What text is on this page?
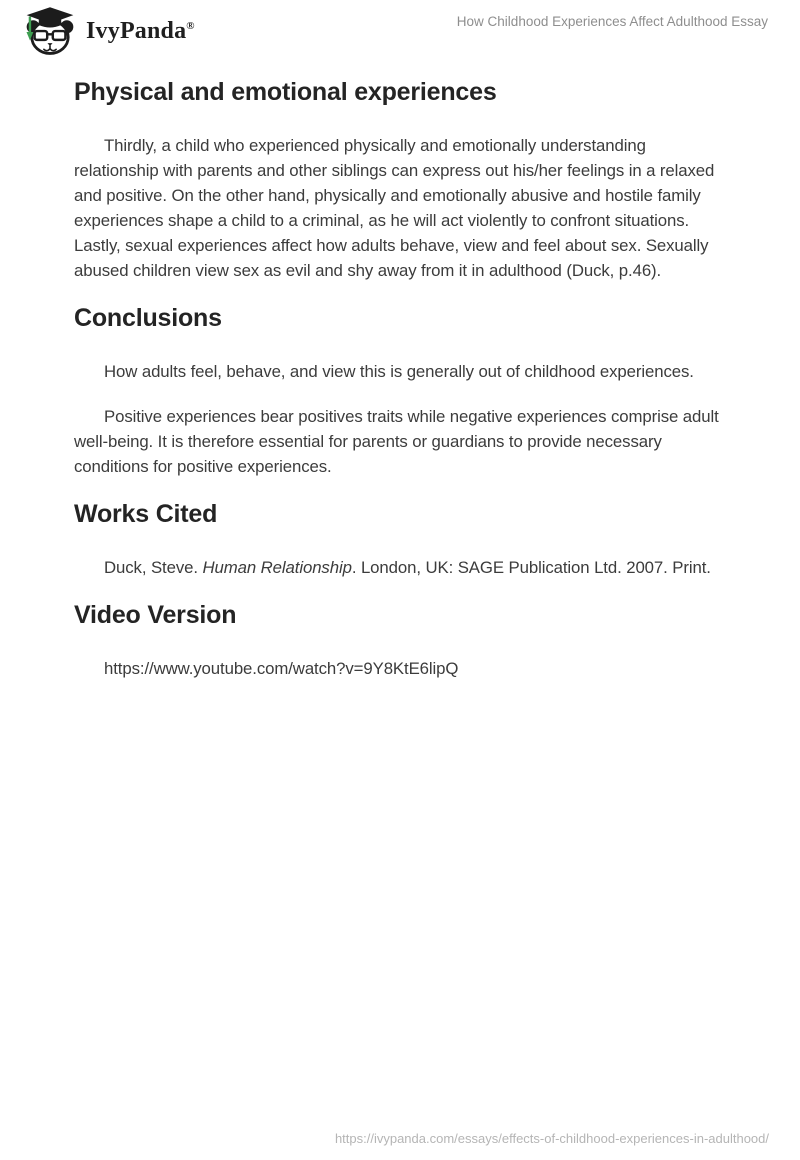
IvyPanda®	How Childhood Experiences Affect Adulthood Essay
Physical and emotional experiences

Thirdly, a child who experienced physically and emotionally understanding relationship with parents and other siblings can express out his/her feelings in a relaxed and positive. On the other hand, physically and emotionally abusive and hostile family experiences shape a child to a criminal, as he will act violently to confront situations. Lastly, sexual experiences affect how adults behave, view and feel about sex. Sexually abused children view sex as evil and shy away from it in adulthood (Duck, p.46).

Conclusions

How adults feel, behave, and view this is generally out of childhood experiences.

Positive experiences bear positives traits while negative experiences comprise adult well-being. It is therefore essential for parents or guardians to provide necessary conditions for positive experiences.

Works Cited

Duck, Steve. Human Relationship. London, UK: SAGE Publication Ltd. 2007. Print.

Video Version

https://www.youtube.com/watch?v=9Y8KtE6lipQ

https://ivypanda.com/essays/effects-of-childhood-experiences-in-adulthood/
